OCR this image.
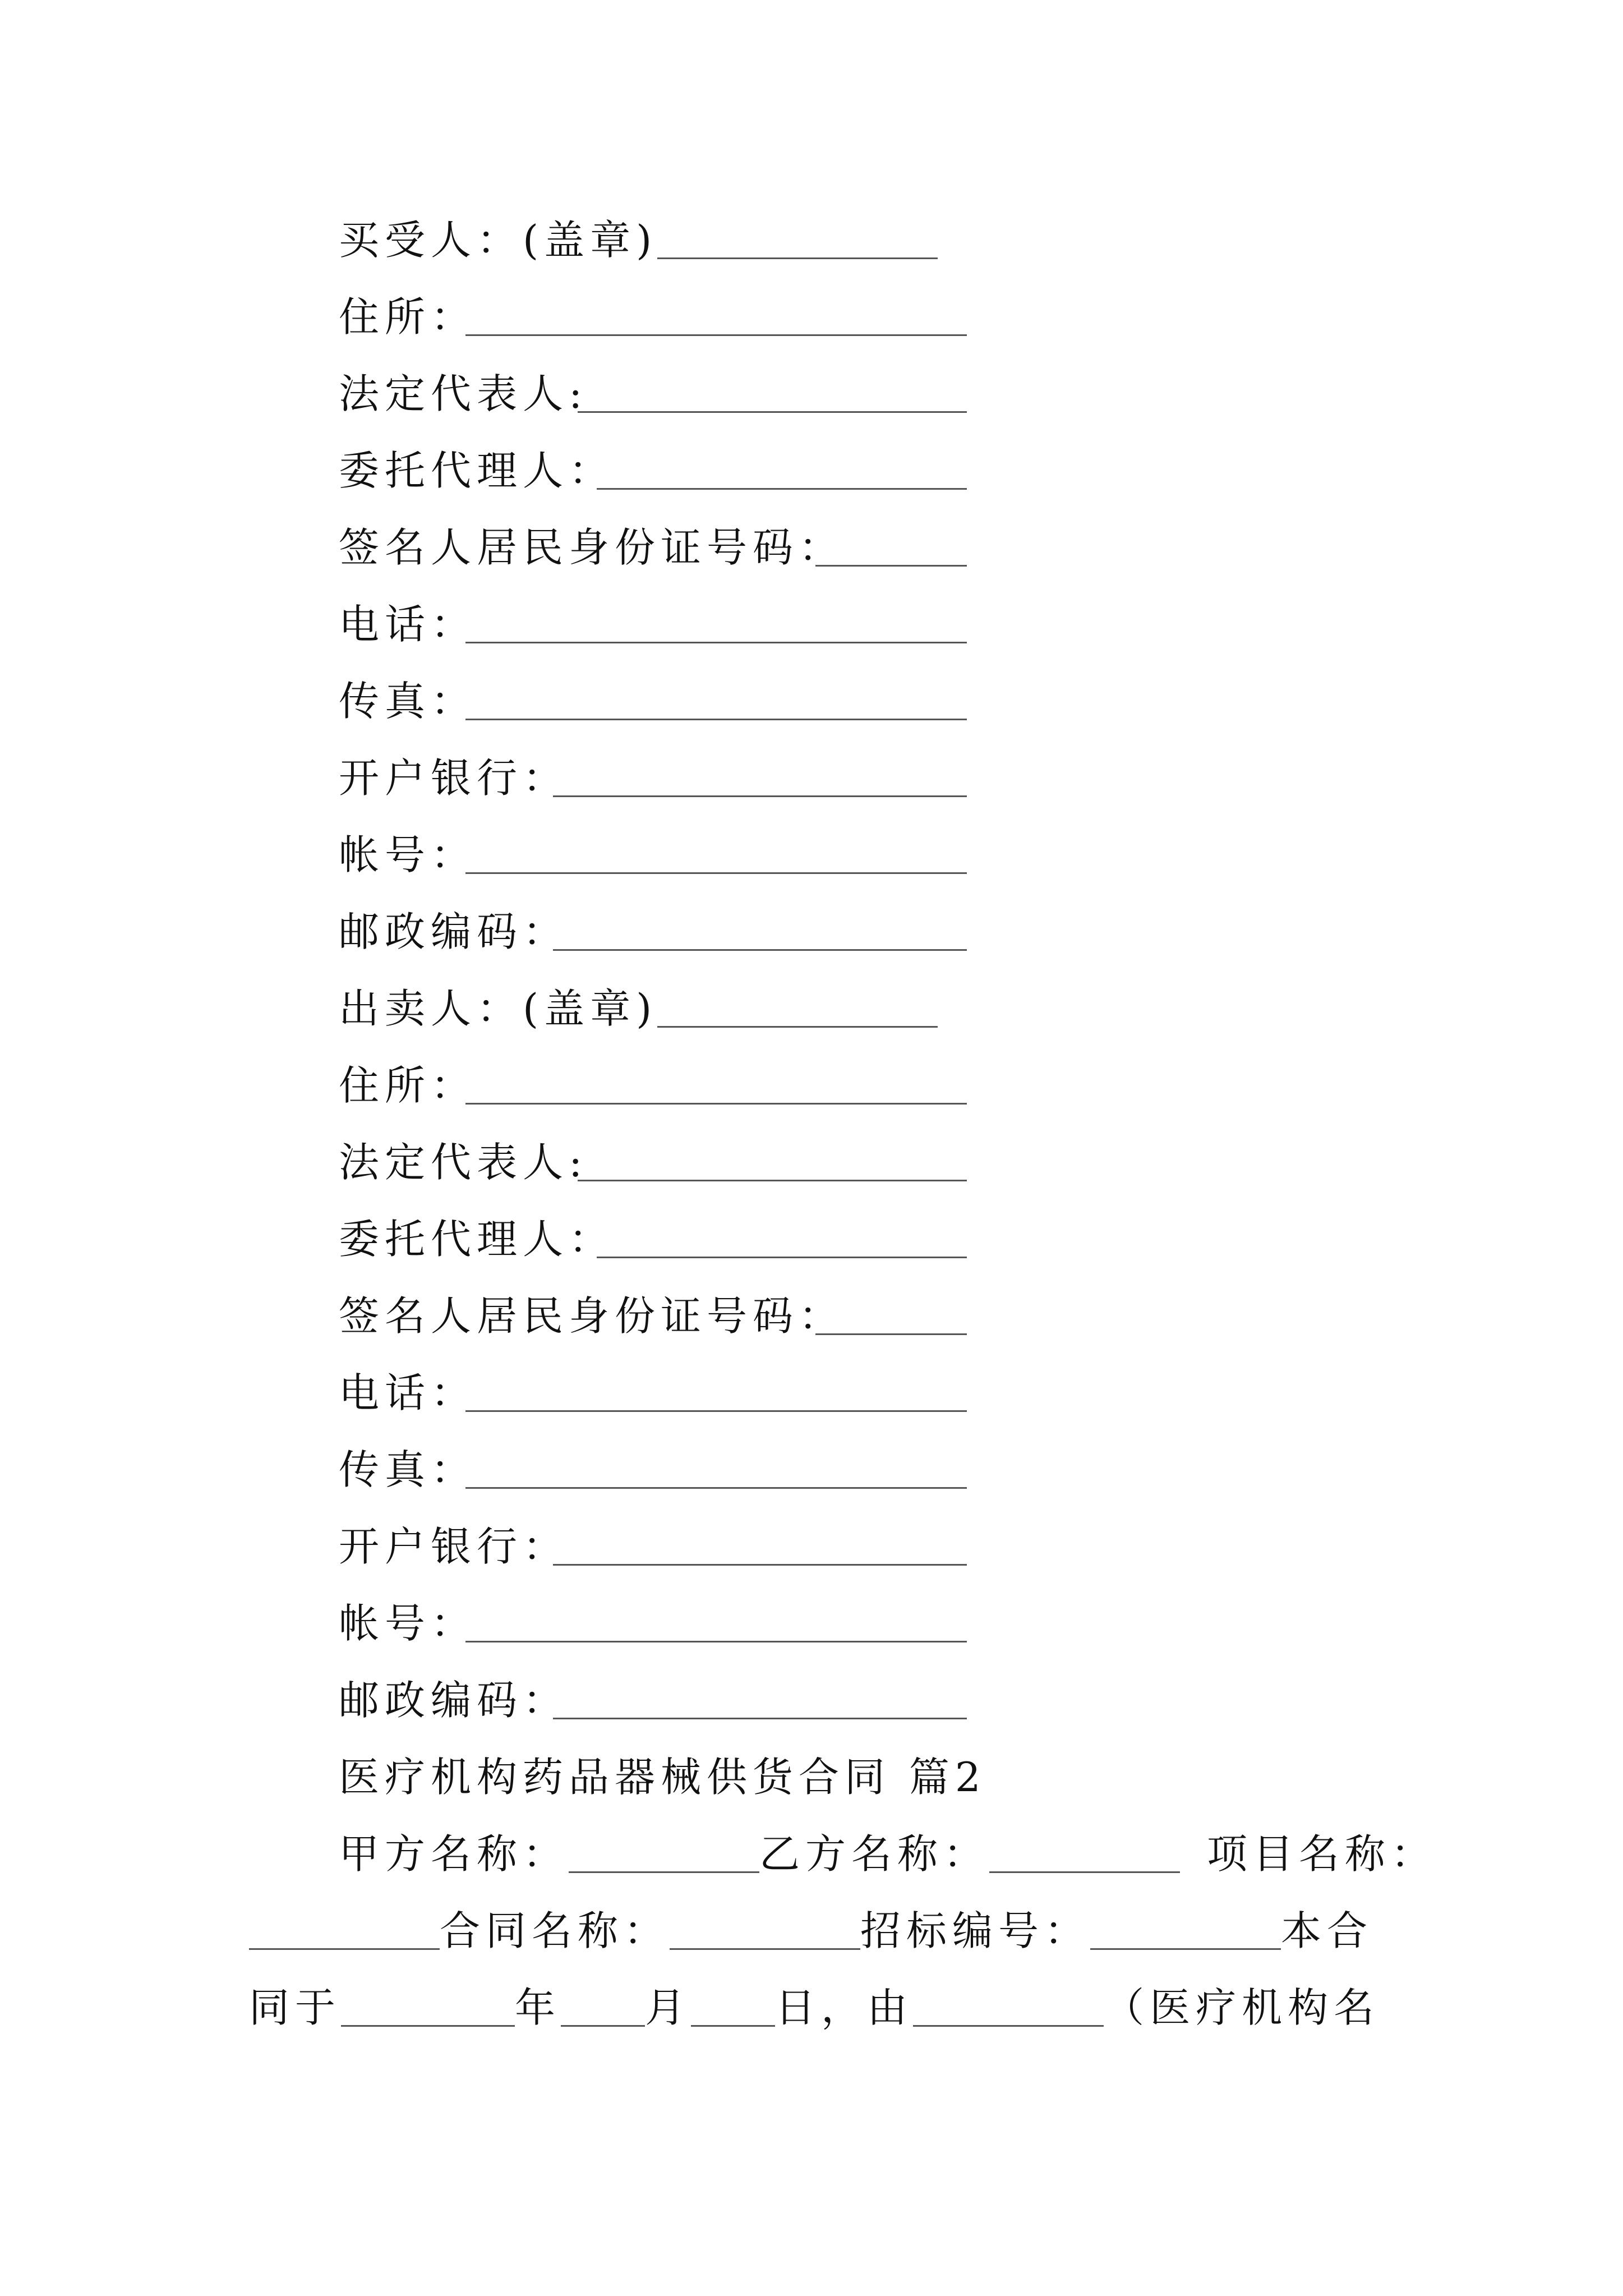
买受人：(盖章)
住所：
法定代表人:
委托代理人：
签名人居民身份证号码：
电话：
传真：
开户银行：
帐号：
邮政编码：
出卖人：(盖章)
住所：
法定代表人:
委托代理人：
签名人居民身份证号码：
电话：
传真：
开户银行：
帐号：
邮政编码：
医疗机构药品器械供货合同 篇2
甲方名称：	乙方名称：	项目名称：
合同名称：	招标编号：	本合
同于	年 月 日，由	（医疗机构名
